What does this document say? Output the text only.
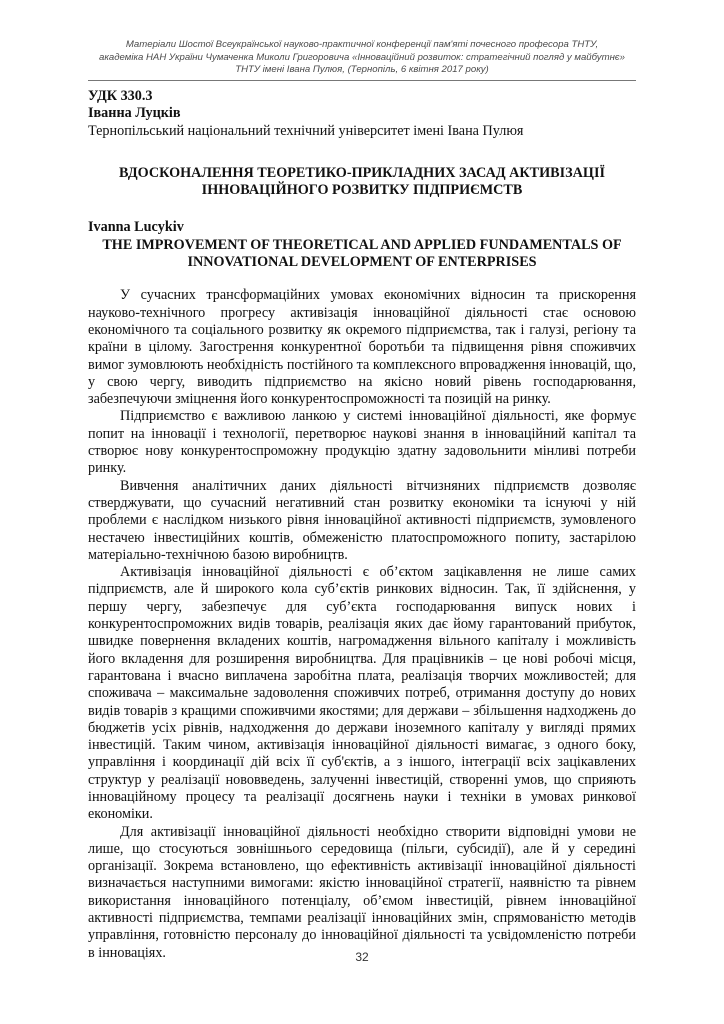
Матеріали Шостої Всеукраїнської науково-практичної конференції пам'яті почесного професора ТНТУ,
академіка НАН України Чумаченка Миколи Григоровича «Інноваційний розвиток: стратегічний погляд у майбутнє»
ТНТУ імені Івана Пулюя, (Тернопіль, 6 квітня 2017 року)
УДК 330.3
Іванна Луцків
Тернопільський національний технічний університет імені Івана Пулюя
ВДОСКОНАЛЕННЯ ТЕОРЕТИКО-ПРИКЛАДНИХ ЗАСАД АКТИВІЗАЦІЇ
ІННОВАЦІЙНОГО РОЗВИТКУ ПІДПРИЄМСТВ
Ivanna Lucykiv
THE IMPROVEMENT OF THEORETICAL AND APPLIED FUNDAMENTALS OF
INNOVATIONAL DEVELOPMENT OF ENTERPRISES

У сучасних трансформаційних умовах економічних відносин та прискорення науково-технічного прогресу активізація інноваційної діяльності стає основою економічного та соціального розвитку як окремого підприємства, так і галузі, регіону та країни в цілому. Загострення конкурентної боротьби та підвищення рівня споживчих вимог зумовлюють необхідність постійного та комплексного впровадження інновацій, що, у свою чергу, виводить підприємство на якісно новий рівень господарювання, забезпечуючи зміцнення його конкурентоспроможності та позицій на ринку.

Підприємство є важливою ланкою у системі інноваційної діяльності, яке формує попит на інновації і технології, перетворює наукові знання в інноваційний капітал та створює нову конкурентоспроможну продукцію здатну задовольнити мінливі потреби ринку.

Вивчення аналітичних даних діяльності вітчизняних підприємств дозволяє стверджувати, що сучасний негативний стан розвитку економіки та існуючі у ній проблеми є наслідком низького рівня інноваційної активності підприємств, зумовленого нестачею інвестиційних коштів, обмеженістю платоспроможного попиту, застарілою матеріально-технічною базою виробництв.

Активізація інноваційної діяльності є об’єктом зацікавлення не лише самих підприємств, але й широкого кола суб’єктів ринкових відносин. Так, її здійснення, у першу чергу, забезпечує для суб’єкта господарювання випуск нових і конкурентоспроможних видів товарів, реалізація яких дає йому гарантований прибуток, швидке повернення вкладених коштів, нагромадження вільного капіталу і можливість його вкладення для розширення виробництва. Для працівників – це нові робочі місця, гарантована і вчасно виплачена заробітна плата, реалізація творчих можливостей; для споживача – максимальне задоволення споживчих потреб, отримання доступу до нових видів товарів з кращими споживчими якостями; для держави – збільшення надходжень до бюджетів усіх рівнів, надходження до держави іноземного капіталу у вигляді прямих інвестицій. Таким чином, активізація інноваційної діяльності вимагає, з одного боку, управління і координації дій всіх її суб'єктів, а з іншого, інтеграції всіх зацікавлених структур у реалізації нововведень, залученні інвестицій, створенні умов, що сприяють інноваційному процесу та реалізації досягнень науки і техніки в умовах ринкової економіки.

Для активізації інноваційної діяльності необхідно створити відповідні умови не лише, що стосуються зовнішнього середовища (пільги, субсидії), але й у середині організації. Зокрема встановлено, що ефективність активізації інноваційної діяльності визначається наступними вимогами: якістю інноваційної стратегії, наявністю та рівнем використання інноваційного потенціалу, об’ємом інвестицій, рівнем інноваційної активності підприємства, темпами реалізації інноваційних змін, спрямованістю методів управління, готовністю персоналу до інноваційної діяльності та усвідомленістю потреби в інноваціях.	32
